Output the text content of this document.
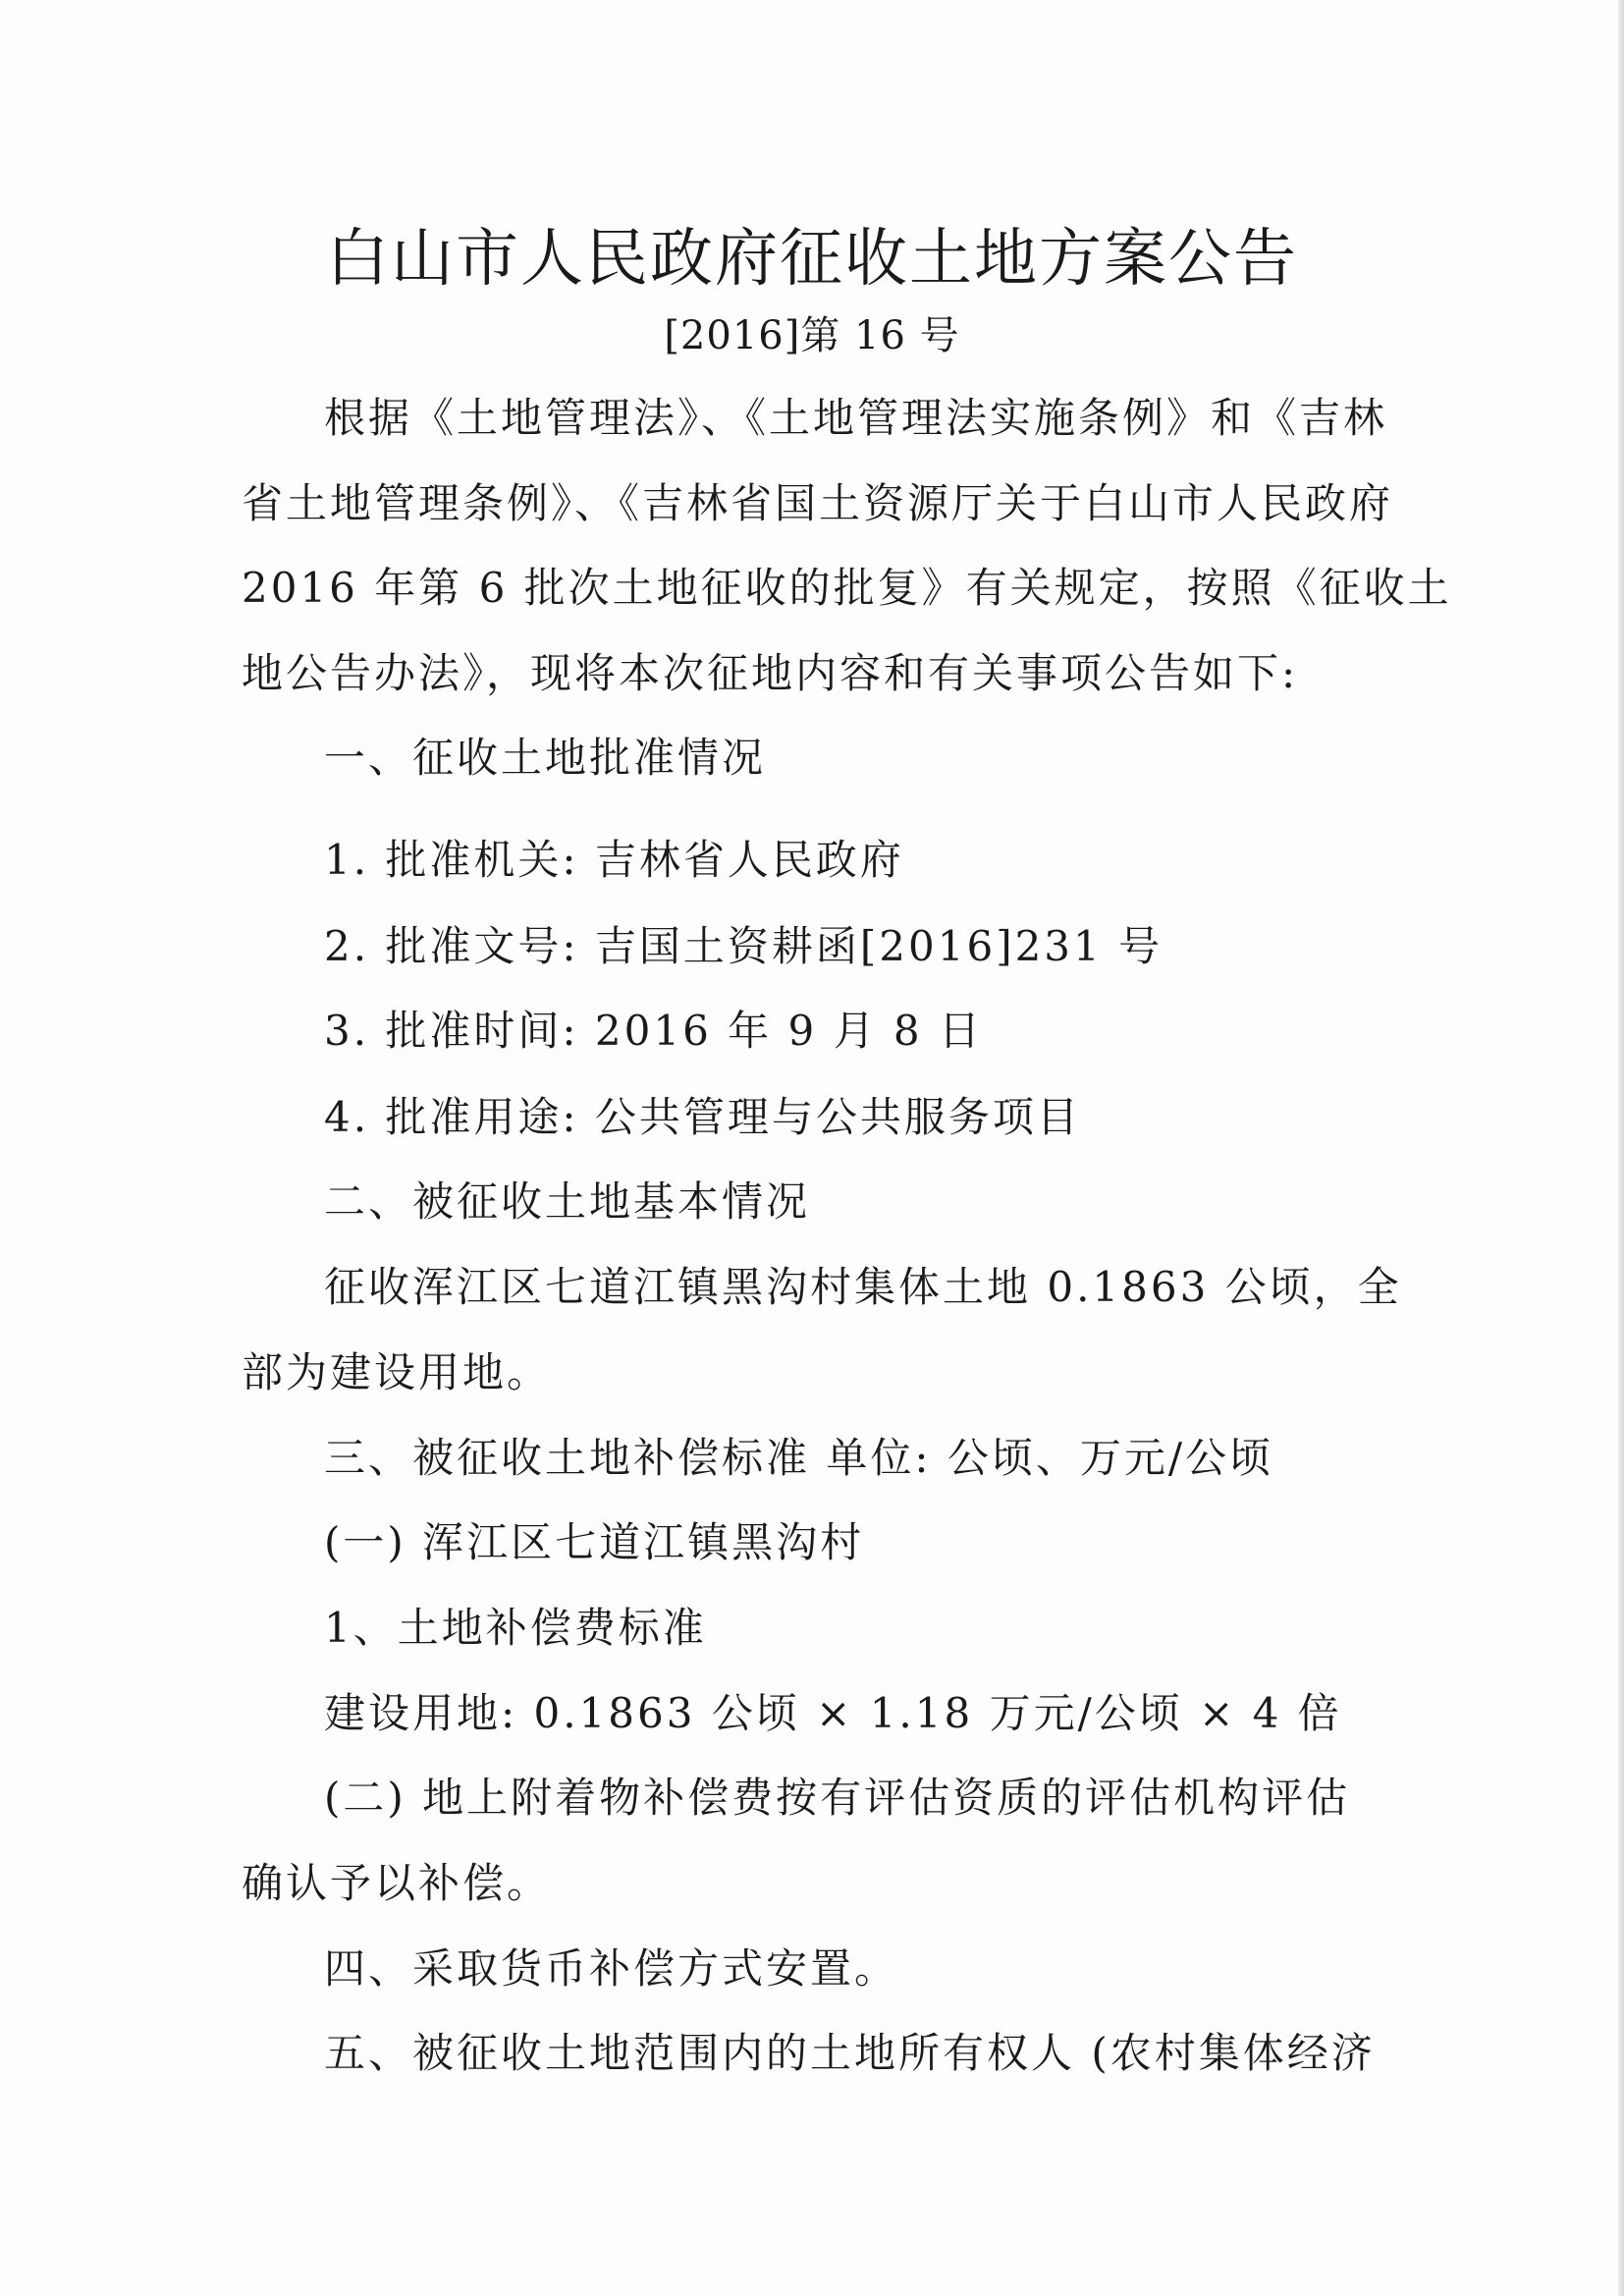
白山市人民政府征收土地方案公告
[2016]第 16 号
根据《土地管理法》、《土地管理法实施条例》和《吉林
省土地管理条例》、《吉林省国土资源厅关于白山市人民政府
2016 年第 6 批次土地征收的批复》有关规定，按照《征收土
地公告办法》，现将本次征地内容和有关事项公告如下:
一、征收土地批准情况
1. 批准机关: 吉林省人民政府
2. 批准文号: 吉国土资耕函[2016]231 号
3. 批准时间: 2016 年 9 月 8 日
4. 批准用途: 公共管理与公共服务项目
二、被征收土地基本情况
征收浑江区七道江镇黑沟村集体土地 0.1863 公顷，全
部为建设用地。
三、被征收土地补偿标准 单位: 公顷、万元/公顷
(一) 浑江区七道江镇黑沟村
1、土地补偿费标准
建设用地: 0.1863 公顷 × 1.18 万元/公顷 × 4 倍
(二) 地上附着物补偿费按有评估资质的评估机构评估
确认予以补偿。
四、采取货币补偿方式安置。
五、被征收土地范围内的土地所有权人 (农村集体经济
